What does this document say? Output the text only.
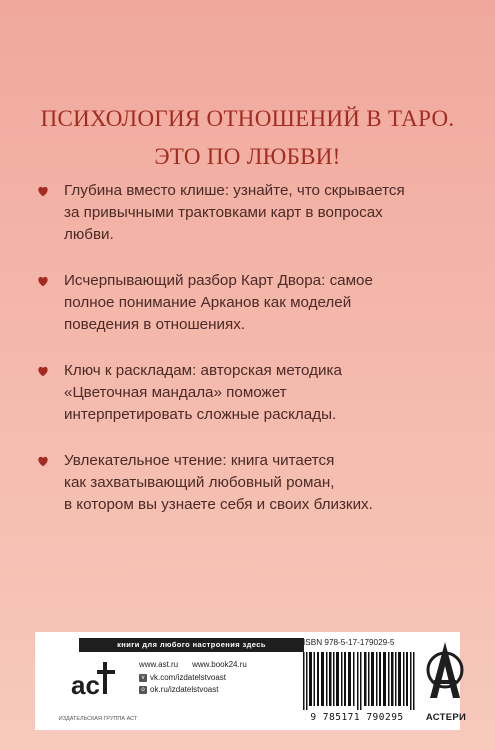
ПСИХОЛОГИЯ ОТНОШЕНИЙ В ТАРО.
ЭТО ПО ЛЮБВИ!
Глубина вместо клише: узнайте, что скрывается
за привычными трактовками карт в вопросах
любви.
Исчерпывающий разбор Карт Двора: самое
полное понимание Арканов как моделей
поведения в отношениях.
Ключ к раскладам: авторская методика
«Цветочная мандала» поможет
интерпретировать сложные расклады.
Увлекательное чтение: книга читается
как захватывающий любовный роман,
в котором вы узнаете себя и своих близких.
книги для любого настроения здесь
ac
ИЗДАТЕЛЬСКАЯ ГРУППА АСТ
www.ast.ru www.book24.ru
v vk.com/izdatelstvoast
o ok.ru/izdatelstvoast
ISBN 978-5-17-179029-5
9 785171 790295	АСТЕРИ
